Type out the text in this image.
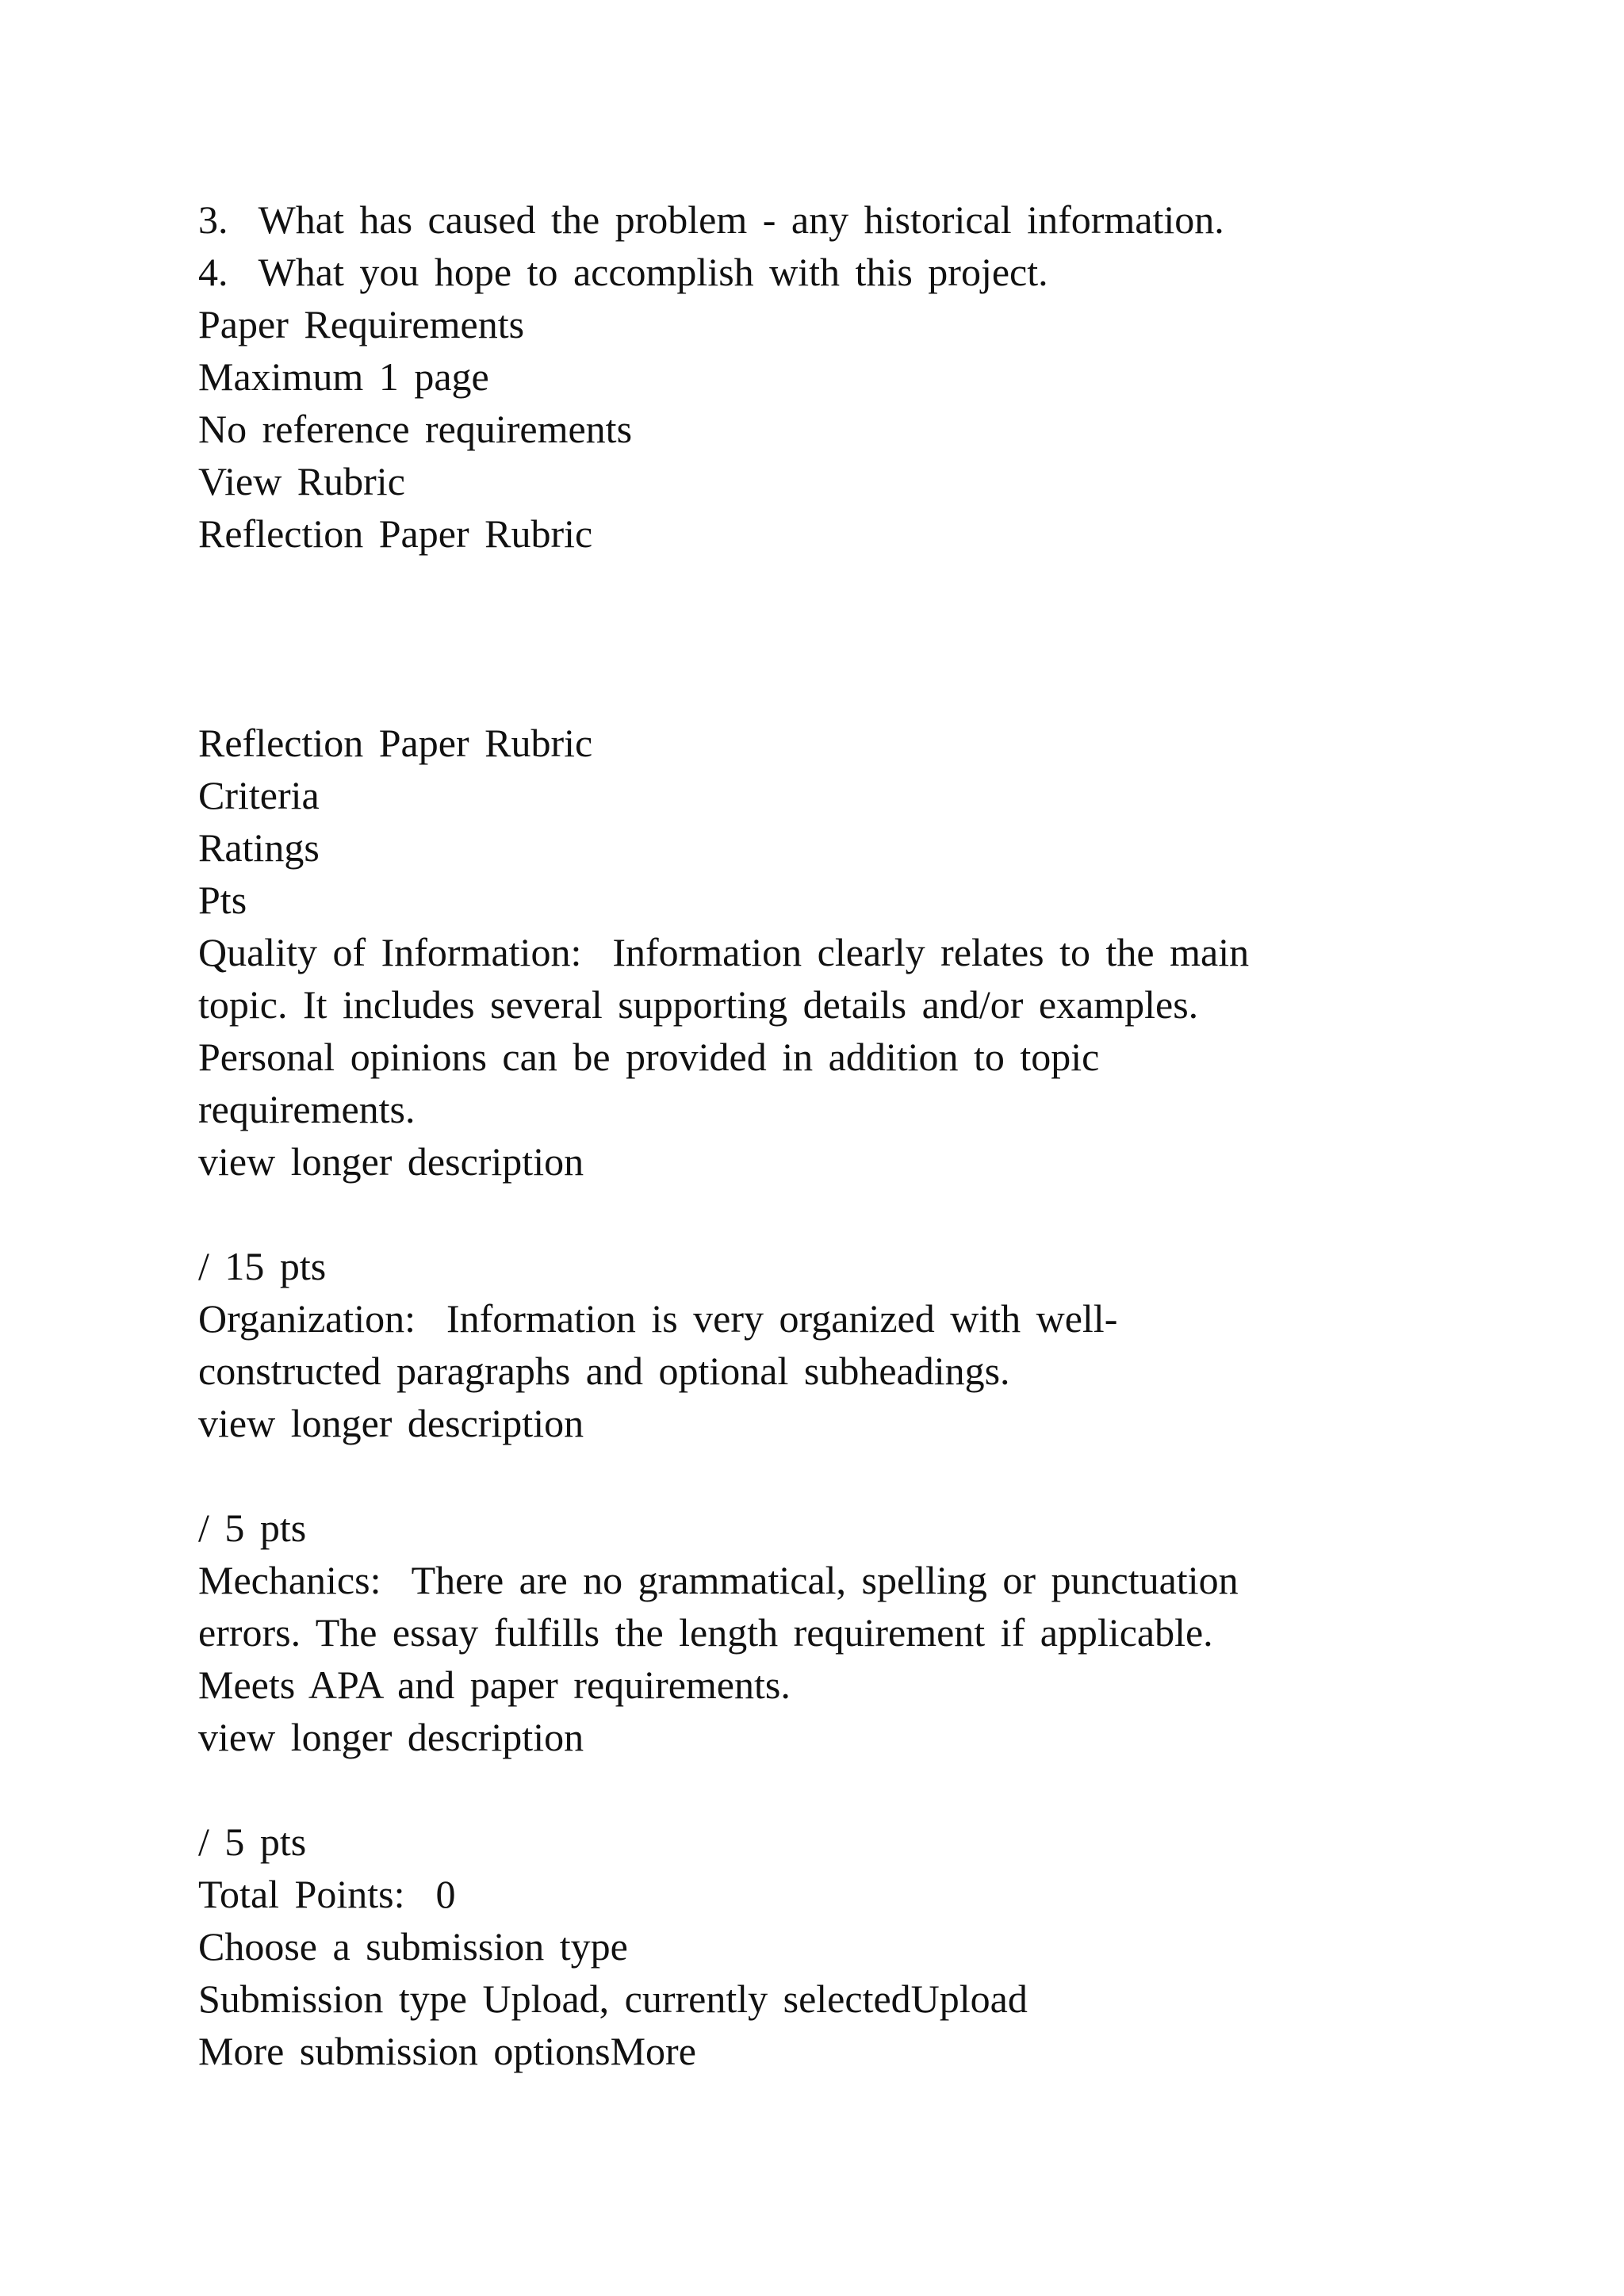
3.  What has caused the problem - any historical information.
4.  What you hope to accomplish with this project.
Paper Requirements
Maximum 1 page
No reference requirements
View Rubric
Reflection Paper Rubric
Reflection Paper Rubric
Criteria
Ratings
Pts
Quality of Information:  Information clearly relates to the main
topic. It includes several supporting details and/or examples.
Personal opinions can be provided in addition to topic
requirements.
view longer description
/ 15 pts
Organization:  Information is very organized with well-
constructed paragraphs and optional subheadings.
view longer description
/ 5 pts
Mechanics:  There are no grammatical, spelling or punctuation
errors. The essay fulfills the length requirement if applicable.
Meets APA and paper requirements.
view longer description
/ 5 pts
Total Points:  0
Choose a submission type
Submission type Upload, currently selectedUpload
More submission optionsMore
